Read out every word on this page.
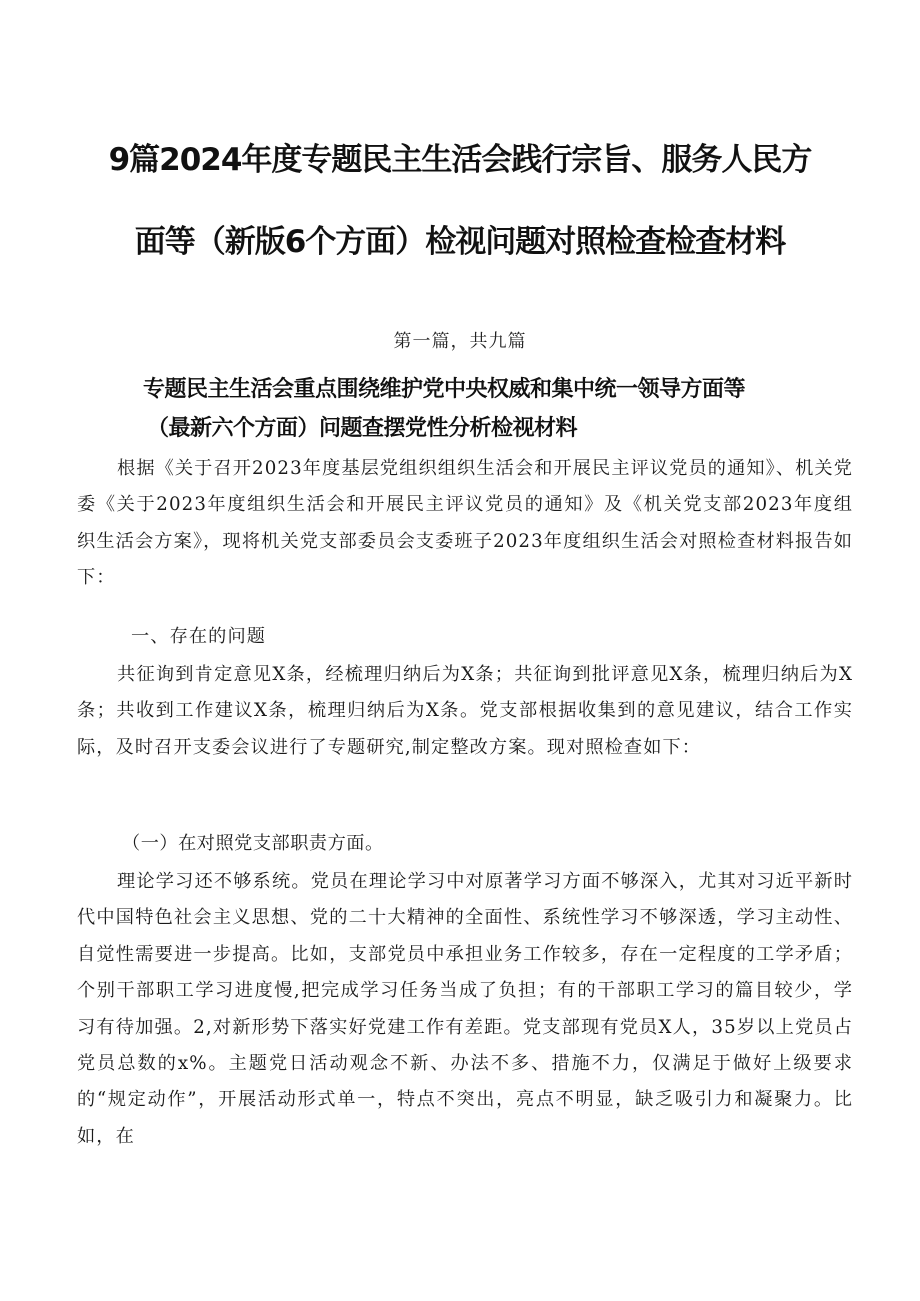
9篇2024年度专题民主生活会践行宗旨、服务人民方
面等（新版6个方面）检视问题对照检查检查材料
第一篇，共九篇
专题民主生活会重点围绕维护党中央权威和集中统一领导方面等
（最新六个方面）问题查摆党性分析检视材料

根据《关于召开2023年度基层党组织组织生活会和开展民主评议党员的通知》、机关党委《关于2023年度组织生活会和开展民主评议党员的通知》及《机关党支部2023年度组织生活会方案》，现将机关党支部委员会支委班子2023年度组织生活会对照检查材料报告如下：

一、存在的问题

共征询到肯定意见X条，经梳理归纳后为X条；共征询到批评意见X条，梳理归纳后为X条；共收到工作建议X条，梳理归纳后为X条。党支部根据收集到的意见建议，结合工作实际，及时召开支委会议进行了专题研究,制定整改方案。现对照检查如下：

（一）在对照党支部职责方面。

理论学习还不够系统。党员在理论学习中对原著学习方面不够深入，尤其对习近平新时代中国特色社会主义思想、党的二十大精神的全面性、系统性学习不够深透，学习主动性、自觉性需要进一步提高。比如，支部党员中承担业务工作较多，存在一定程度的工学矛盾；个别干部职工学习进度慢,把完成学习任务当成了负担；有的干部职工学习的篇目较少，学习有待加强。2,对新形势下落实好党建工作有差距。党支部现有党员X人，35岁以上党员占党员总数的x%。主题党日活动观念不新、办法不多、措施不力，仅满足于做好上级要求的“规定动作”，开展活动形式单一，特点不突出，亮点不明显，缺乏吸引力和凝聚力。比如，在
